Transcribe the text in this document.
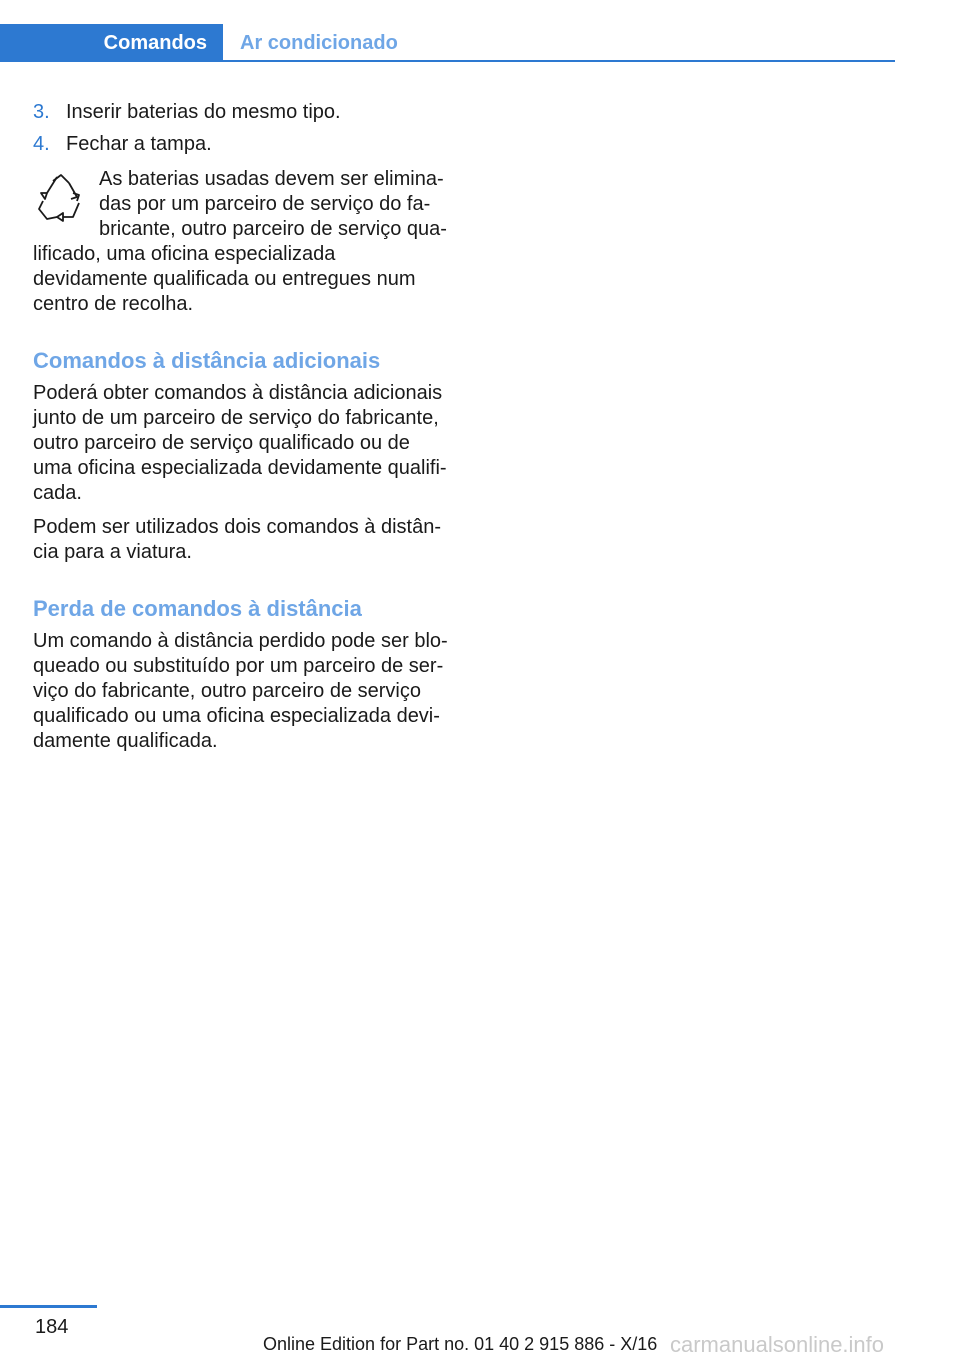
Comandos	Ar condicionado
3. Inserir baterias do mesmo tipo.
4. Fechar a tampa.

As baterias usadas devem ser elimina-das por um parceiro de serviço do fa-bricante, outro parceiro de serviço qua-lificado, uma oficina especializada devidamente qualificada ou entregues num centro de recolha.

Comandos à distância adicionais

Poderá obter comandos à distância adicionais junto de um parceiro de serviço do fabricante, outro parceiro de serviço qualificado ou de uma oficina especializada devidamente qualifi-cada.

Podem ser utilizados dois comandos à distân-cia para a viatura.

Perda de comandos à distância

Um comando à distância perdido pode ser blo-queado ou substituído por um parceiro de ser-viço do fabricante, outro parceiro de serviço qualificado ou uma oficina especializada devi-damente qualificada.

184
Online Edition for Part no. 01 40 2 915 886 - X/16 carmanualsonline.info
